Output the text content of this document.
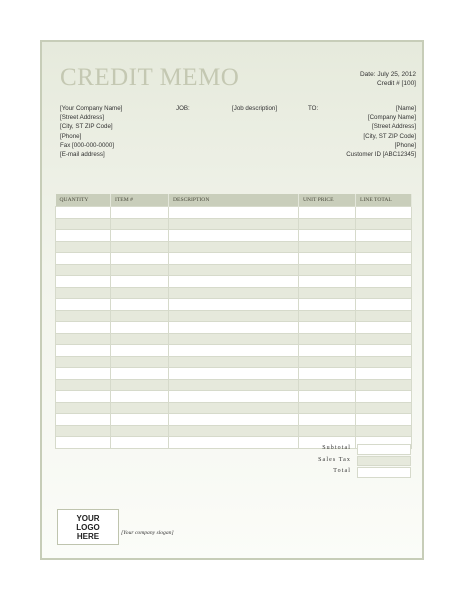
CREDIT MEMO	Date: July 25, 2012
Credit # [100]
[Your Company Name]
[Street Address]
[City, ST ZIP Code]
[Phone]
Fax [000-000-0000]
[E-mail address]
JOB:	[Job description]	TO:	[Name]
[Company Name]
[Street Address]
[City, ST ZIP Code]
[Phone]
Customer ID [ABC12345]
QUANTITY	ITEM #	DESCRIPTION	UNIT PRICE	LINE TOTAL

Subtotal
Sales Tax
Total
YOUR LOGO HERE	[Your company slogan]
